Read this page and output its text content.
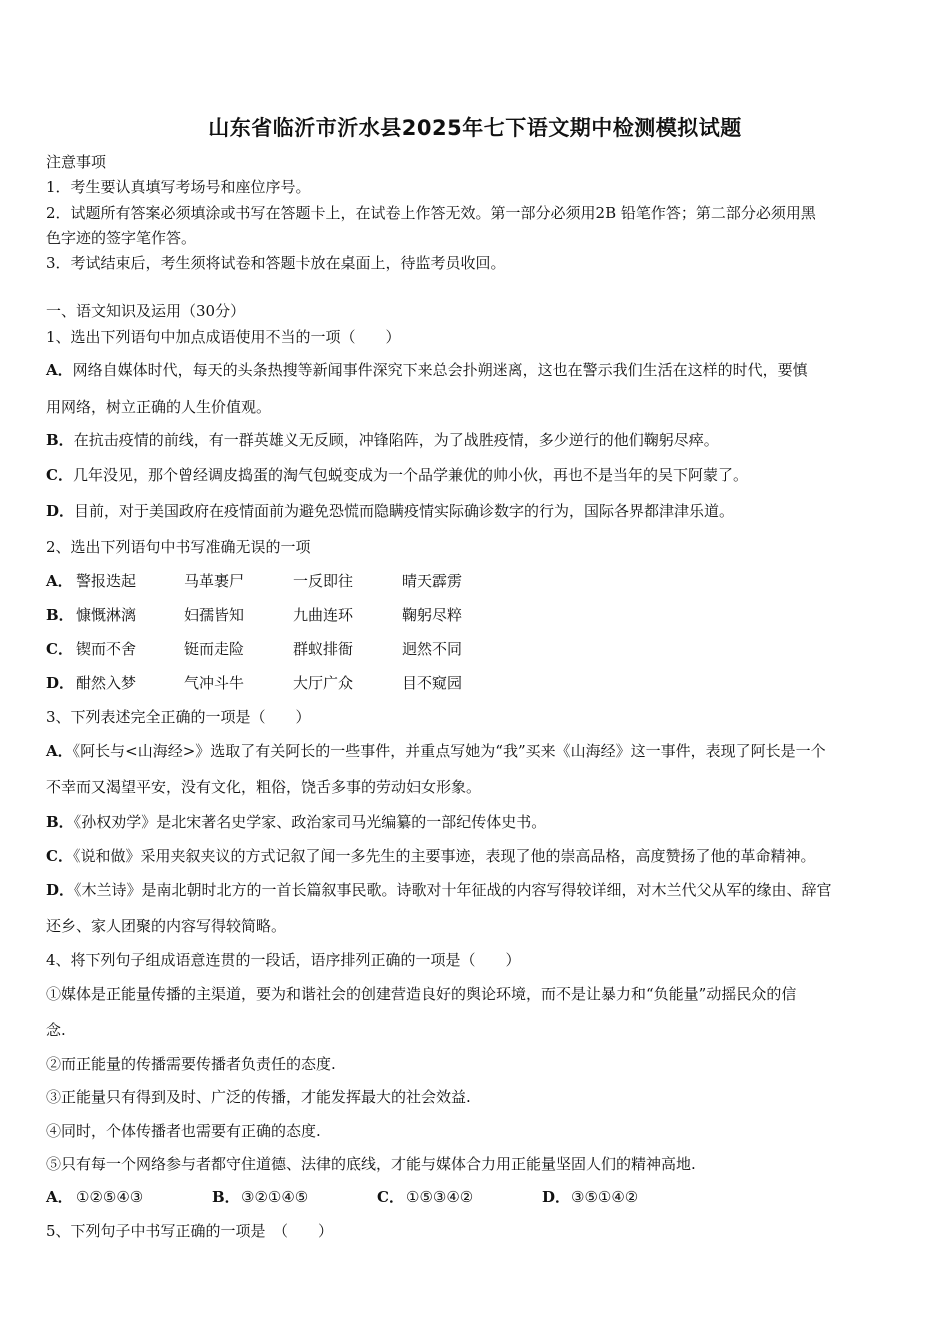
山东省临沂市沂水县2025年七下语文期中检测模拟试题
注意事项
1．考生要认真填写考场号和座位序号。
2．试题所有答案必须填涂或书写在答题卡上，在试卷上作答无效。第一部分必须用2B 铅笔作答；第二部分必须用黑
色字迹的签字笔作答。
3．考试结束后，考生须将试卷和答题卡放在桌面上，待监考员收回。
一、语文知识及运用（30分）
1、选出下列语句中加点成语使用不当的一项（　　）
A．网络自媒体时代，每天的头条热搜等新闻事件深究下来总会扑朔迷离，这也在警示我们生活在这样的时代，要慎
用网络，树立正确的人生价值观。
B．在抗击疫情的前线，有一群英雄义无反顾，冲锋陷阵，为了战胜疫情，多少逆行的他们鞠躬尽瘁。
C．几年没见，那个曾经调皮捣蛋的淘气包蜕变成为一个品学兼优的帅小伙，再也不是当年的吴下阿蒙了。
D．目前，对于美国政府在疫情面前为避免恐慌而隐瞒疫情实际确诊数字的行为，国际各界都津津乐道。
2、选出下列语句中书写准确无误的一项
A． 警报迭起	马革裹尸	一反即往	晴天霹雳
B． 慷慨淋漓	妇孺皆知	九曲连环	鞠躬尽粹
C． 锲而不舍	铤而走险	群蚁排衙	迥然不同
D． 酣然入梦	气冲斗牛	大厅广众	目不窥园
3、下列表述完全正确的一项是（　　）
A．《阿长与<山海经>》选取了有关阿长的一些事件，并重点写她为“我”买来《山海经》这一事件，表现了阿长是一个
不幸而又渴望平安，没有文化，粗俗，饶舌多事的劳动妇女形象。
B．《孙权劝学》是北宋著名史学家、政治家司马光编纂的一部纪传体史书。
C．《说和做》采用夹叙夹议的方式记叙了闻一多先生的主要事迹，表现了他的崇高品格，高度赞扬了他的革命精神。
D．《木兰诗》是南北朝时北方的一首长篇叙事民歌。诗歌对十年征战的内容写得较详细，对木兰代父从军的缘由、辞官
还乡、家人团聚的内容写得较简略。
4、将下列句子组成语意连贯的一段话，语序排列正确的一项是（　　）
①媒体是正能量传播的主渠道，要为和谐社会的创建营造良好的舆论环境，而不是让暴力和“负能量”动摇民众的信
念.
②而正能量的传播需要传播者负责任的态度.
③正能量只有得到及时、广泛的传播，才能发挥最大的社会效益.
④同时，个体传播者也需要有正确的态度.
⑤只有每一个网络参与者都守住道德、法律的底线，才能与媒体合力用正能量坚固人们的精神高地.
A． ①②⑤④③	B． ③②①④⑤	C． ①⑤③④②	D． ③⑤①④②
5、下列句子中书写正确的一项是　（　　）
